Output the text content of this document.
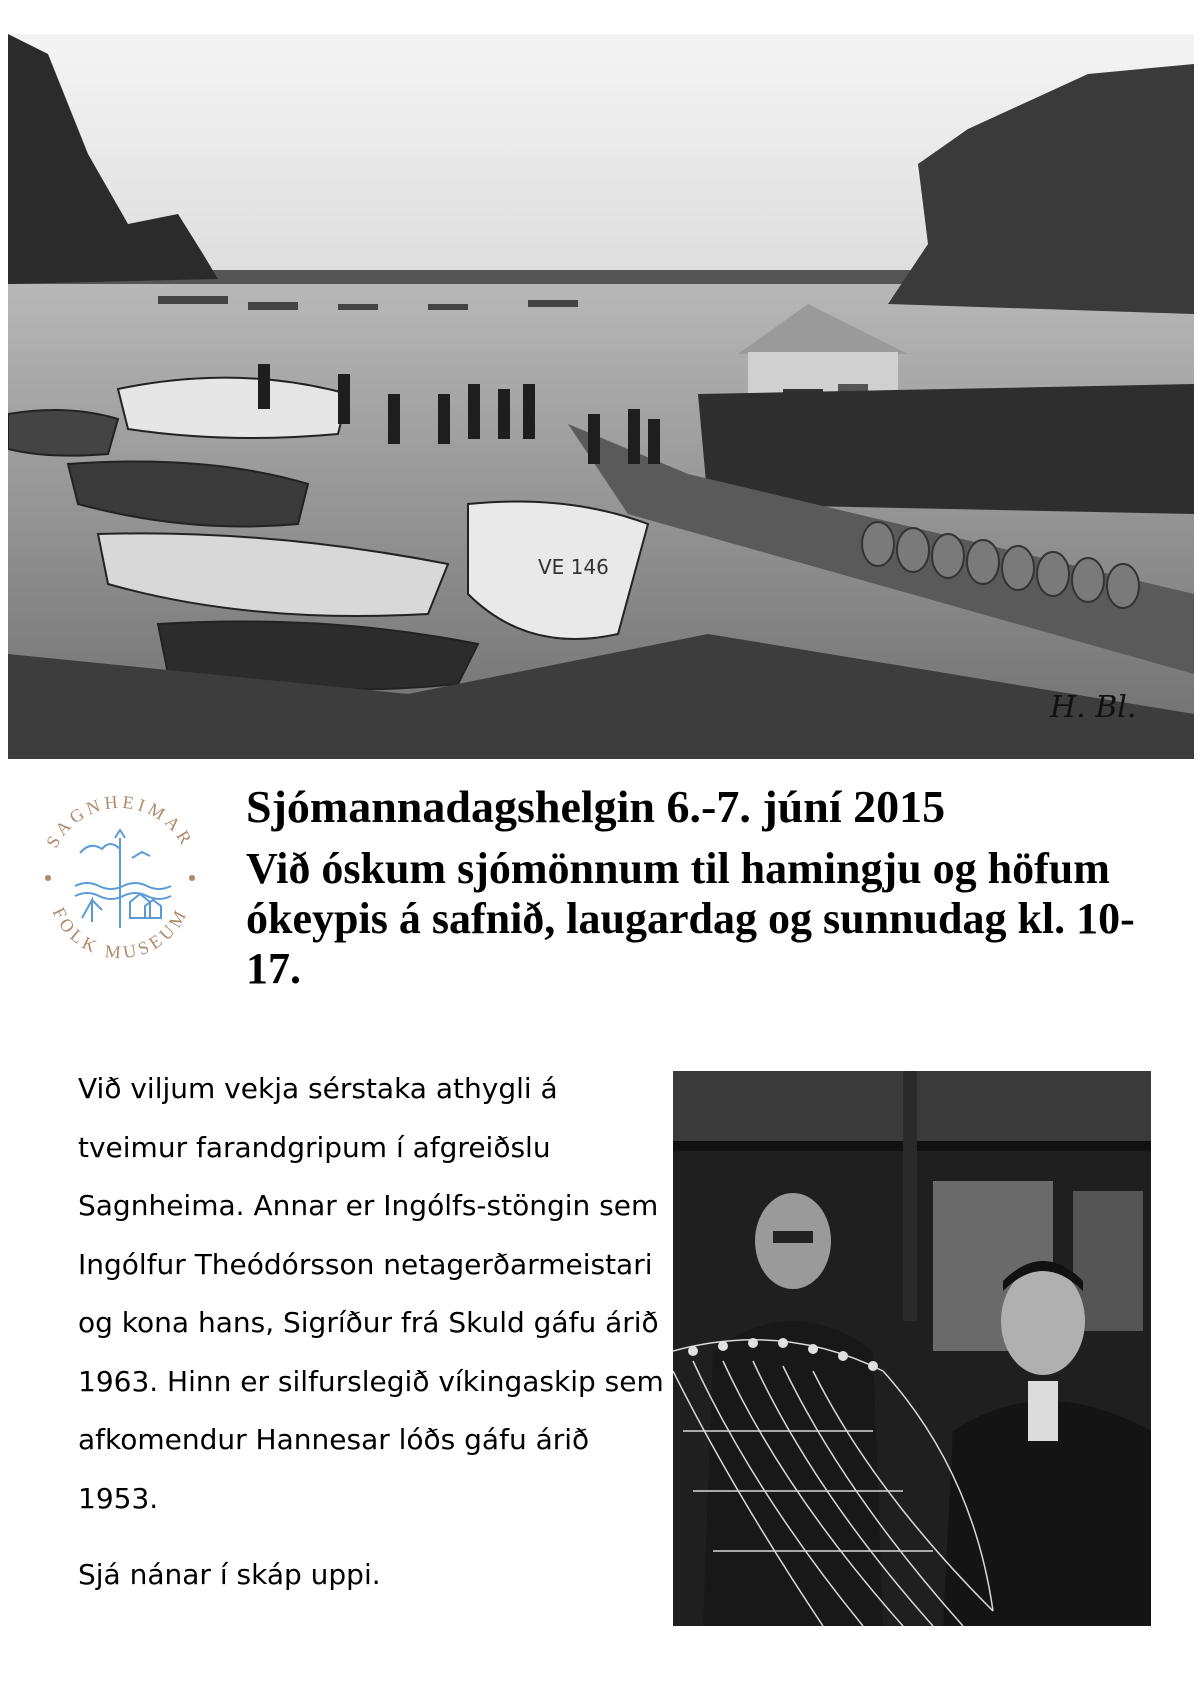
VE 146
H. Bl.
SAGNHEIMAR
FOLK MUSEUM

Sjómannadagshelgin 6.-7. júní 2015

Við óskum sjómönnum til hamingju og höfum ókeypis á safnið, laugardag og sunnudag kl. 10-17.

Við viljum vekja sérstaka athygli á tveimur farandgripum í afgreiðslu Sagnheima. Annar er Ingólfs-stöngin sem Ingólfur Theódórsson netagerðarmeistari og kona hans, Sigríður frá Skuld gáfu árið 1963. Hinn er silfurslegið víkingaskip sem afkomendur Hannesar lóðs gáfu árið 1953.

Sjá nánar í skáp uppi.
